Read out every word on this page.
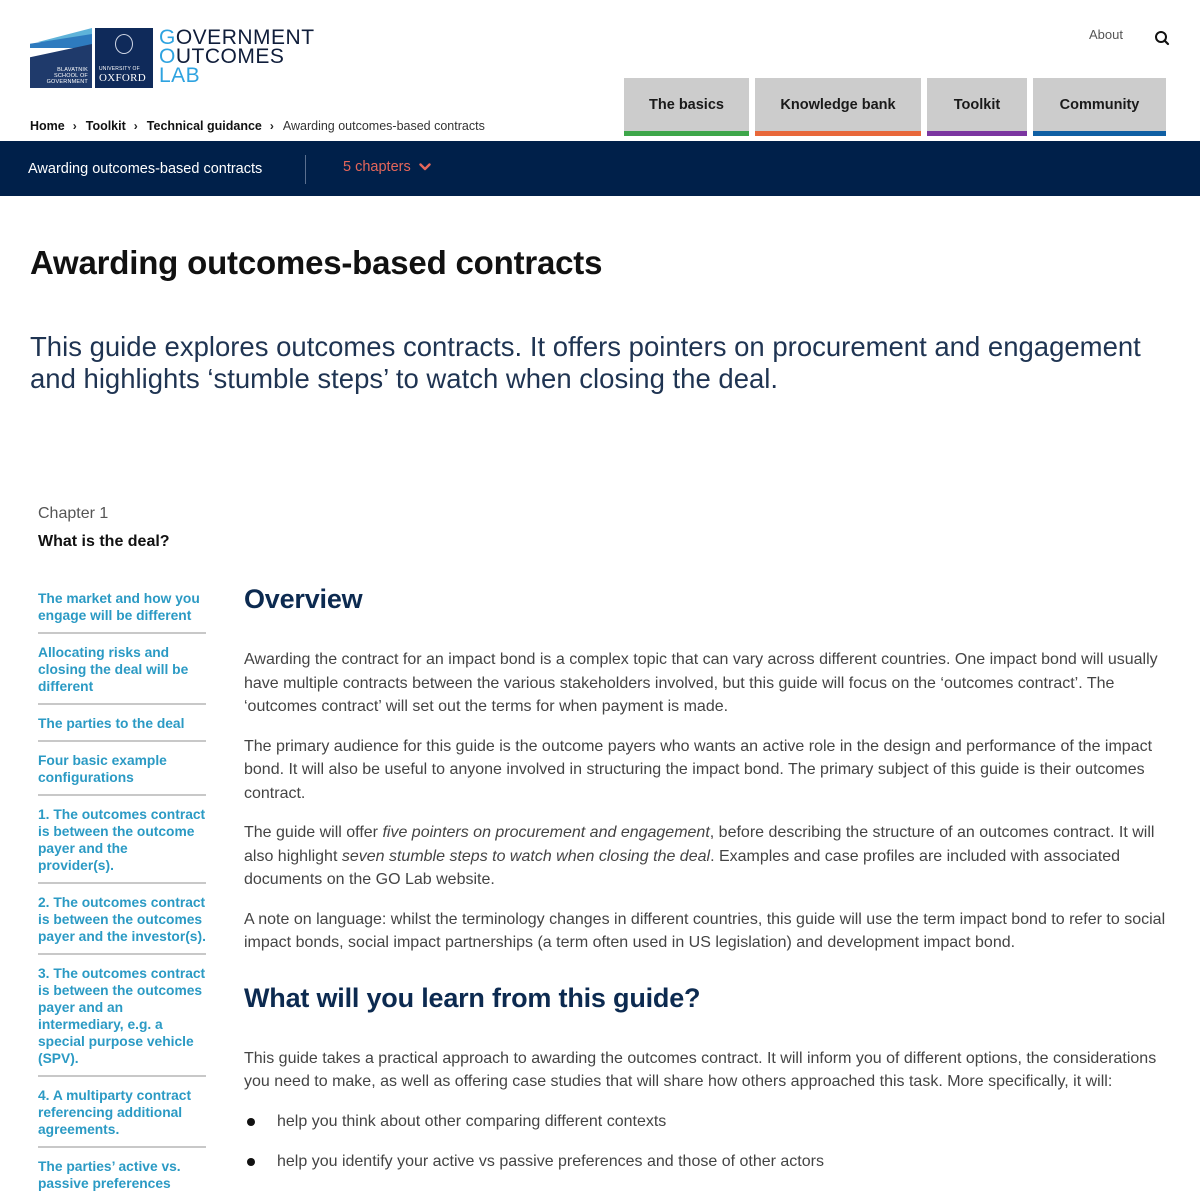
BLAVATNIK
SCHOOL OF
GOVERNMENT
UNIVERSITY OF
OXFORD
GOVERNMENT
OUTCOMES
LAB
About
The basics	Knowledge bank	Toolkit	Community
Home › Toolkit › Technical guidance › Awarding outcomes-based contracts
Awarding outcomes-based contracts	5 chapters
Awarding outcomes-based contracts

This guide explores outcomes contracts. It offers pointers on procurement and engagement and highlights ‘stumble steps’ to watch when closing the deal.

Chapter 1
What is the deal?
The market and how you engage will be different
Allocating risks and closing the deal will be different
The parties to the deal
Four basic example configurations
1. The outcomes contract is between the outcome payer and the provider(s).
2. The outcomes contract is between the outcomes payer and the investor(s).
3. The outcomes contract is between the outcomes payer and an intermediary, e.g. a special purpose vehicle (SPV).
4. A multiparty contract referencing additional agreements.
The parties’ active vs. passive preferences
Overview

Awarding the contract for an impact bond is a complex topic that can vary across different countries. One impact bond will usually have multiple contracts between the various stakeholders involved, but this guide will focus on the ‘outcomes contract’. The ‘outcomes contract’ will set out the terms for when payment is made.

The primary audience for this guide is the outcome payers who wants an active role in the design and performance of the impact bond. It will also be useful to anyone involved in structuring the impact bond. The primary subject of this guide is their outcomes contract.

The guide will offer five pointers on procurement and engagement, before describing the structure of an outcomes contract. It will also highlight seven stumble steps to watch when closing the deal. Examples and case profiles are included with associated documents on the GO Lab website.

A note on language: whilst the terminology changes in different countries, this guide will use the term impact bond to refer to social impact bonds, social impact partnerships (a term often used in US legislation) and development impact bond.

What will you learn from this guide?

This guide takes a practical approach to awarding the outcomes contract. It will inform you of different options, the considerations you need to make, as well as offering case studies that will share how others approached this task. More specifically, it will:

help you think about other comparing different contexts
help you identify your active vs passive preferences and those of other actors
